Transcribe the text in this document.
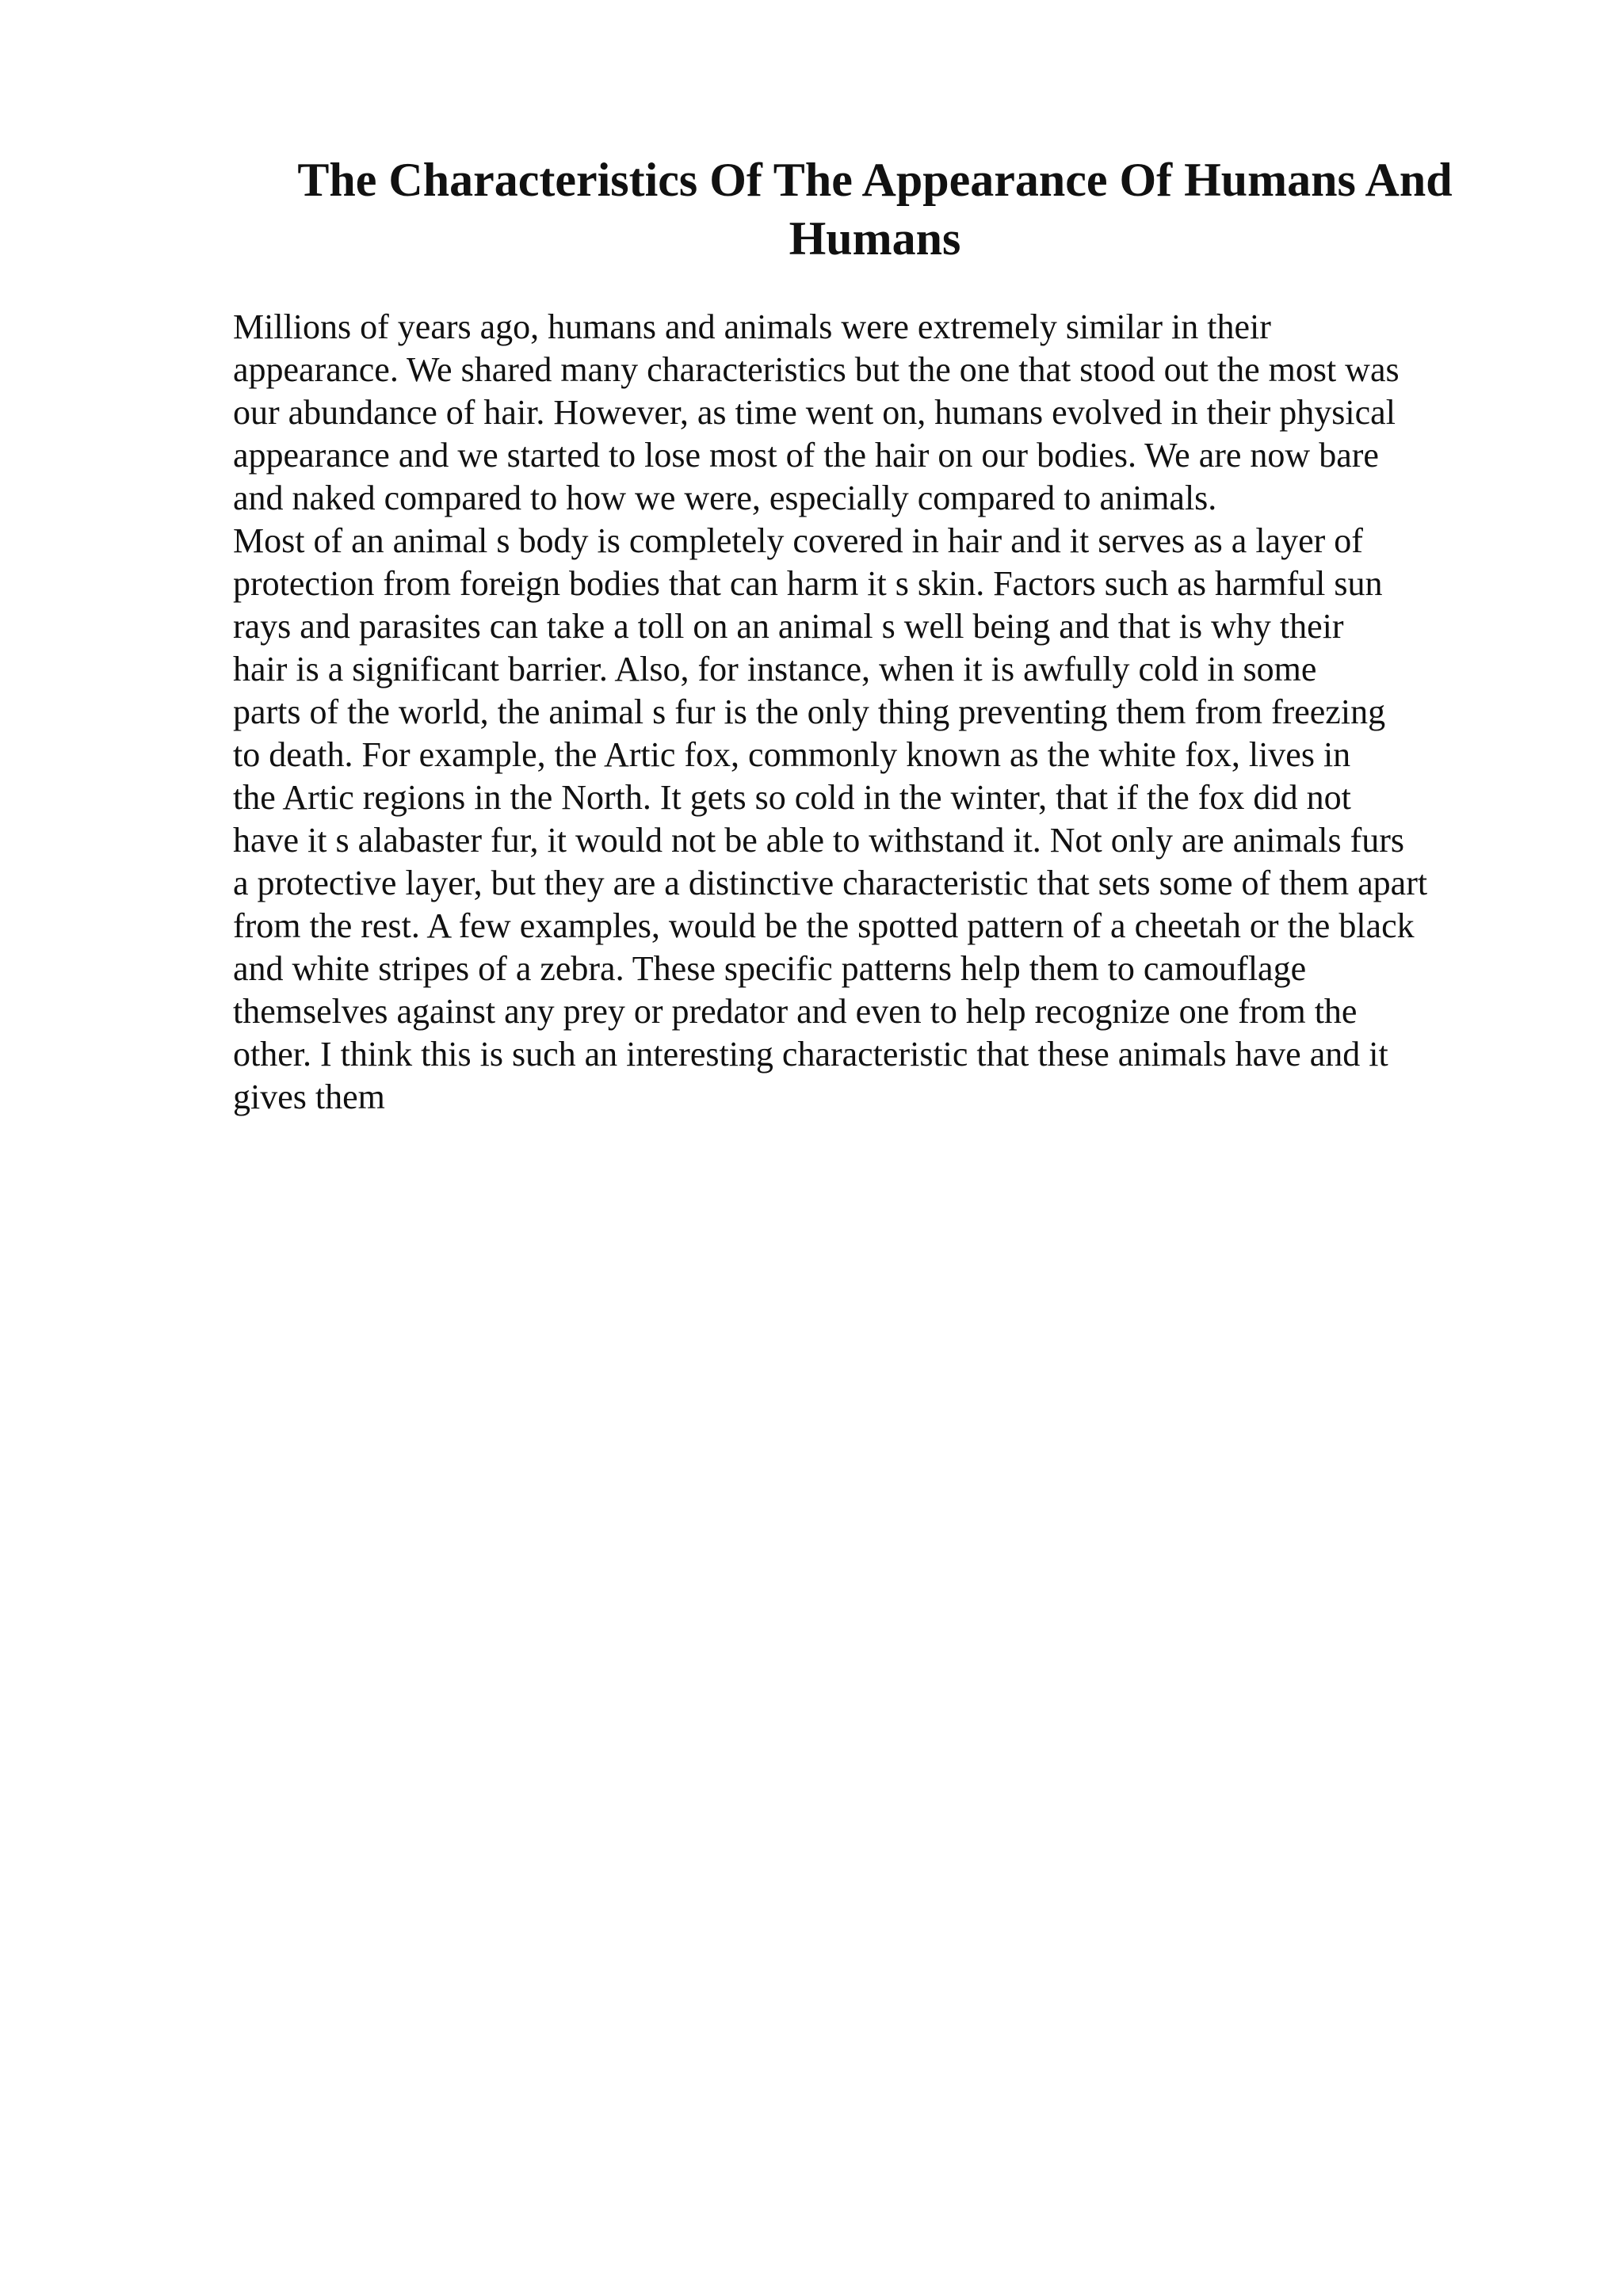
The Characteristics Of The Appearance Of Humans And Humans
Millions of years ago, humans and animals were extremely similar in their
appearance. We shared many characteristics but the one that stood out the most was
our abundance of hair. However, as time went on, humans evolved in their physical
appearance and we started to lose most of the hair on our bodies. We are now bare
and naked compared to how we were, especially compared to animals.
Most of an animal s body is completely covered in hair and it serves as a layer of
protection from foreign bodies that can harm it s skin. Factors such as harmful sun
rays and parasites can take a toll on an animal s well being and that is why their
hair is a significant barrier. Also, for instance, when it is awfully cold in some
parts of the world, the animal s fur is the only thing preventing them from freezing
to death. For example, the Artic fox, commonly known as the white fox, lives in
the Artic regions in the North. It gets so cold in the winter, that if the fox did not
have it s alabaster fur, it would not be able to withstand it. Not only are animals furs
a protective layer, but they are a distinctive characteristic that sets some of them apart
from the rest. A few examples, would be the spotted pattern of a cheetah or the black
and white stripes of a zebra. These specific patterns help them to camouflage
themselves against any prey or predator and even to help recognize one from the
other. I think this is such an interesting characteristic that these animals have and it
gives them
